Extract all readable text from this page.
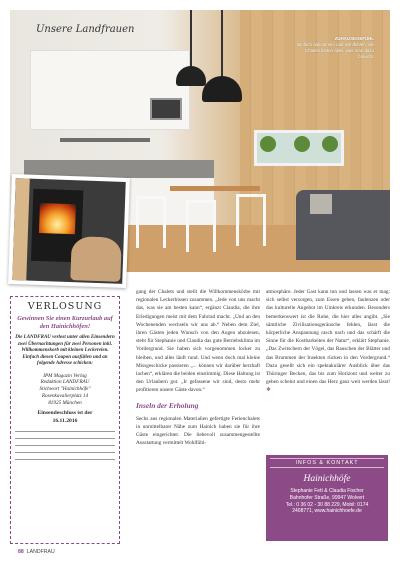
Unsere Landfrauen
ZUHAUSEGEFÜHL
Einfach ankommen und wohlfühlen: die Chalets bieten alles, was man dazu braucht.
VERLOSUNG
Gewinnen Sie einen Kurzurlaub auf den Hainichhöfen!
Die LANDFRAU verlost unter allen Einsendern zwei Übernachtungen für zwei Personen inkl. Willkommenskorb mit kleinen Leckereien. Einfach diesen Coupon ausfüllen und an folgende Adresse schicken:
IPM Magazin Verlag
Redaktion LANDFRAU
Stichwort "Hainichhöfe"
Rosenkavalierplatz 14
81925 München
Einsendeschluss ist der
16.11.2016

gang der Chalets und stellt die Willkommenskörbe mit regionalen Leckerbissen zusammen. „Jede von uns macht das, was sie am besten kann“, ergänzt Claudia, die ihre Erledigungen meist mit dem Fahrrad macht. „Und an den Wochenenden wechseln wir uns ab.“ Neben dem Ziel, ihren Gästen jeden Wunsch von den Augen abzulesen, steht für Stephanie und Claudia das gute Betriebsklima im Vordergrund. Sie haben sich vorgenommen locker zu bleiben, und alles läuft rund. Und wenn doch mal kleine Missgeschicke passieren „... können wir darüber herzhaft lachen“, erklären die beiden einstimmig. Diese Haltung ist den Urlaubern gut. „Ir gefassene wir sind, desto mehr profitieren unsere Gäste davon.“

Inseln der Erholung

Sechs aus regionalen Materialien gefertigte Ferienchalets in unmittelbarer Nähe zum Hainich haben sie für ihre Gäste eingerichtet. Die liebevoll zusammengestellte Ausstattung vermittelt Wohlfühl-

atmosphäre. Jeder Gast kann tun und lassen was er mag: sich selbst versorgen, zum Essen gehen, faulenzen oder das kulturelle Angebot im Umkreis erkunden. Besonders bemerkenswert ist die Ruhe, die hier alles angibt. „Sie sämtliche Zivilisationsgeräusche fehlen, lässt die körperliche Anspannung rasch nach und das schärft die Sinne für die Kostbarkeiten der Natur“, erklärt Stephanie. „Das Zwitschern der Vögel, das Rauschen der Blätter und das Brummen der Insekten rücken in den Vordergrund.“ Dazu gesellt sich ein spektakulärer Ausblick über das Thüringer Becken, das bis zum Horizont und weiter zu gehen scheint und einen das Herz ganz weit werden lässt! ❖

INFOS & KONTAKT
Hainichhöfe
Stephanie Fett & Claudia Fischer
Bahnhofer Straße, 99947 Wolvert
Tel.: 0 36 02 - 30 88 229, Mobil: 0174
2408771, www.hainichhoefe.de
88 LANDFRAU
